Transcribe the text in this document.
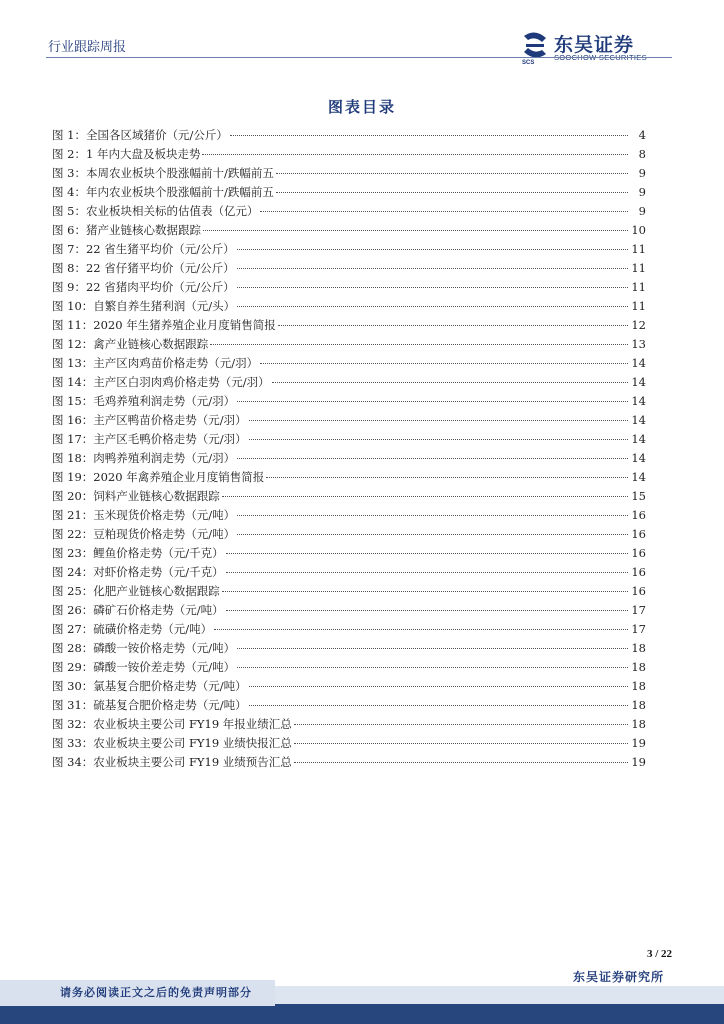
行业跟踪周报
SCS
东吴证券
SOOCHOW SECURITIES
图表目录
图 1：全国各区域猪价（元/公斤）	4
图 2：1 年内大盘及板块走势	8
图 3：本周农业板块个股涨幅前十/跌幅前五	9
图 4：年内农业板块个股涨幅前十/跌幅前五	9
图 5：农业板块相关标的估值表（亿元）	9
图 6：猪产业链核心数据跟踪	10
图 7：22 省生猪平均价（元/公斤）	11
图 8：22 省仔猪平均价（元/公斤）	11
图 9：22 省猪肉平均价（元/公斤）	11
图 10：自繁自养生猪利润（元/头）	11
图 11：2020 年生猪养殖企业月度销售简报	12
图 12：禽产业链核心数据跟踪	13
图 13：主产区肉鸡苗价格走势（元/羽）	14
图 14：主产区白羽肉鸡价格走势（元/羽）	14
图 15：毛鸡养殖利润走势（元/羽）	14
图 16：主产区鸭苗价格走势（元/羽）	14
图 17：主产区毛鸭价格走势（元/羽）	14
图 18：肉鸭养殖利润走势（元/羽）	14
图 19：2020 年禽养殖企业月度销售简报	14
图 20：饲料产业链核心数据跟踪	15
图 21：玉米现货价格走势（元/吨）	16
图 22：豆粕现货价格走势（元/吨）	16
图 23：鲤鱼价格走势（元/千克）	16
图 24：对虾价格走势（元/千克）	16
图 25：化肥产业链核心数据跟踪	16
图 26：磷矿石价格走势（元/吨）	17
图 27：硫磺价格走势（元/吨）	17
图 28：磷酸一铵价格走势（元/吨）	18
图 29：磷酸一铵价差走势（元/吨）	18
图 30：氯基复合肥价格走势（元/吨）	18
图 31：硫基复合肥价格走势（元/吨）	18
图 32：农业板块主要公司 FY19 年报业绩汇总	18
图 33：农业板块主要公司 FY19 业绩快报汇总	19
图 34：农业板块主要公司 FY19 业绩预告汇总	19
3 / 22
东吴证券研究所
请务必阅读正文之后的免责声明部分
